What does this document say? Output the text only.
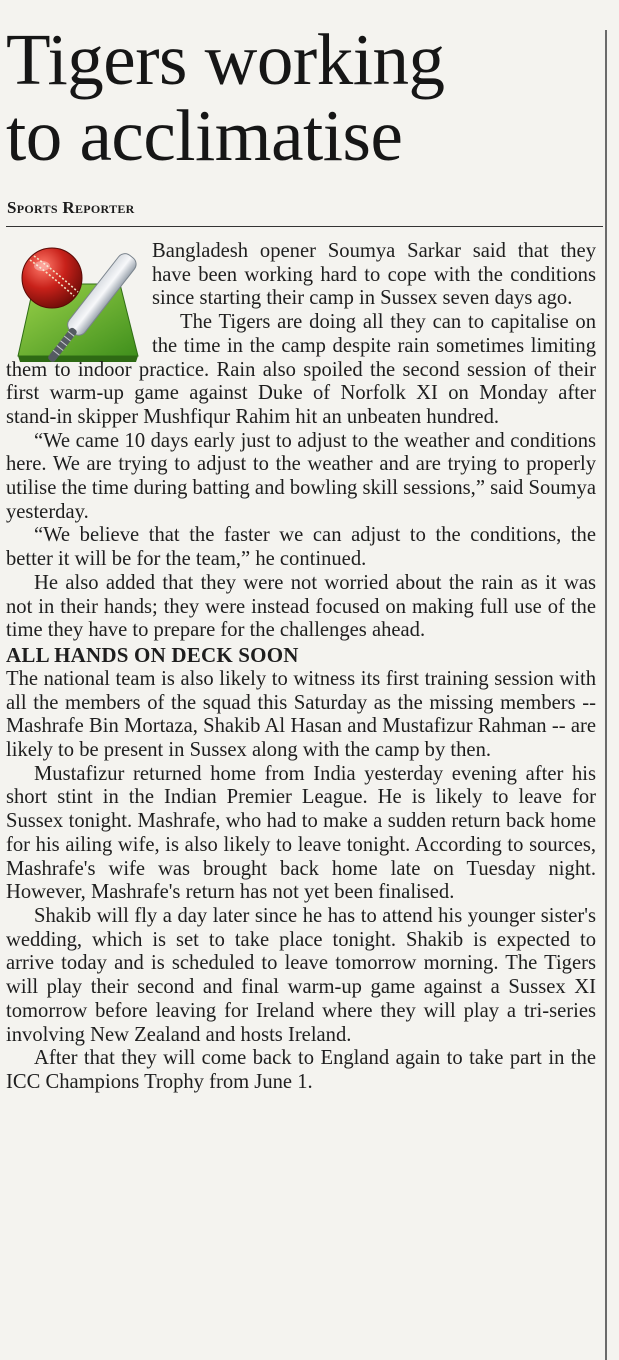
Tigers working
to acclimatise
Sports Reporter

Bangladesh opener Soumya Sarkar said that they have been working hard to cope with the conditions since starting their camp in Sussex seven days ago.

The Tigers are doing all they can to capitalise on the time in the camp despite rain sometimes limiting them to indoor practice. Rain also spoiled the second session of their first warm-up game against Duke of Norfolk XI on Monday after stand-in skipper Mushfiqur Rahim hit an unbeaten hundred.

“We came 10 days early just to adjust to the weather and conditions here. We are trying to adjust to the weather and are trying to properly utilise the time during batting and bowling skill sessions,” said Soumya yesterday.

“We believe that the faster we can adjust to the conditions, the better it will be for the team,” he continued.

He also added that they were not worried about the rain as it was not in their hands; they were instead focused on making full use of the time they have to prepare for the challenges ahead.

ALL HANDS ON DECK SOON

The national team is also likely to witness its first training session with all the members of the squad this Saturday as the missing members -- Mashrafe Bin Mortaza, Shakib Al Hasan and Mustafizur Rahman -- are likely to be present in Sussex along with the camp by then.

Mustafizur returned home from India yesterday evening after his short stint in the Indian Premier League. He is likely to leave for Sussex tonight. Mashrafe, who had to make a sudden return back home for his ailing wife, is also likely to leave tonight. According to sources, Mashrafe's wife was brought back home late on Tuesday night. However, Mashrafe's return has not yet been finalised.

Shakib will fly a day later since he has to attend his younger sister's wedding, which is set to take place tonight. Shakib is expected to arrive today and is scheduled to leave tomorrow morning. The Tigers will play their second and final warm-up game against a Sussex XI tomorrow before leaving for Ireland where they will play a tri-series involving New Zealand and hosts Ireland.

After that they will come back to England again to take part in the ICC Champions Trophy from June 1.
